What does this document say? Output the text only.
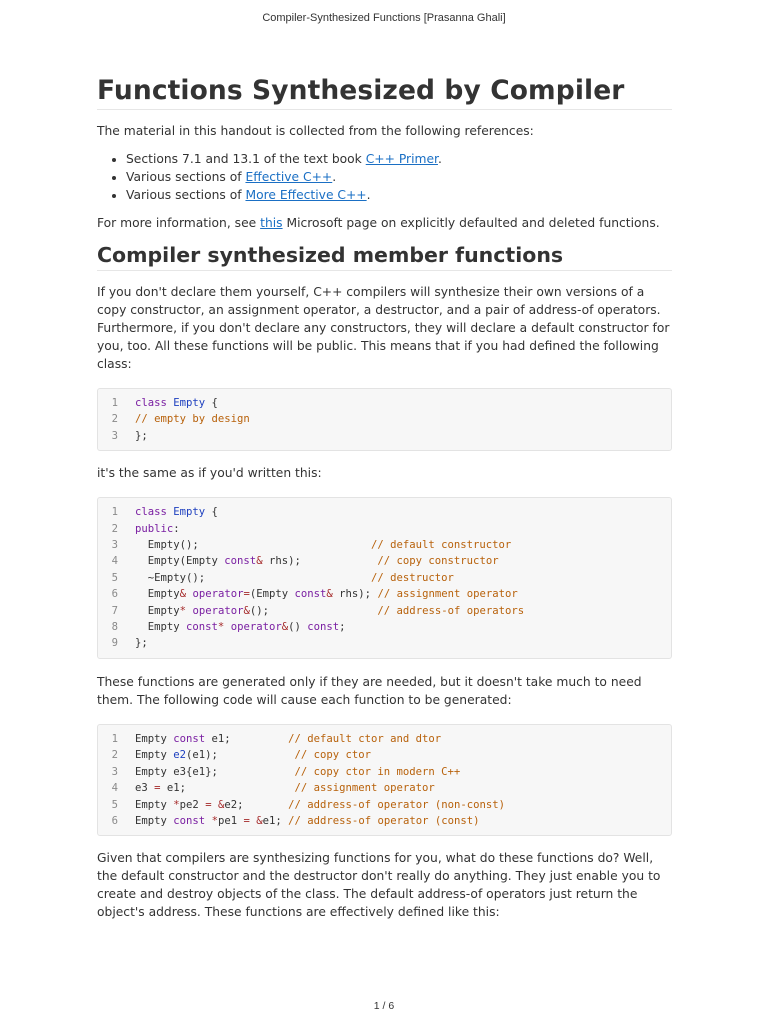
Compiler-Synthesized Functions [Prasanna Ghali]
Functions Synthesized by Compiler

The material in this handout is collected from the following references:

• Sections 7.1 and 13.1 of the text book C++ Primer.
• Various sections of Effective C++.
• Various sections of More Effective C++.

For more information, see this Microsoft page on explicitly defaulted and deleted functions.

Compiler synthesized member functions

If you don't declare them yourself, C++ compilers will synthesize their own versions of a copy constructor, an assignment operator, a destructor, and a pair of address-of operators. Furthermore, if you don't declare any constructors, they will declare a default constructor for you, too. All these functions will be public. This means that if you had defined the following class:

1 class Empty {
2 // empty by design
3 };

it's the same as if you'd written this:

1 class Empty {
2 public:
3 Empty();                           // default constructor
4 Empty(Empty const& rhs);            // copy constructor
5 ~Empty();                          // destructor
6 Empty& operator=(Empty const& rhs); // assignment operator
7 Empty* operator&();                 // address-of operators
8 Empty const* operator&() const;
9 };

These functions are generated only if they are needed, but it doesn't take much to need them. The following code will cause each function to be generated:

1 Empty const e1;         // default ctor and dtor
2 Empty e2(e1);            // copy ctor
3 Empty e3{e1};            // copy ctor in modern C++
4 e3 = e1;                 // assignment operator
5 Empty *pe2 = &e2;       // address-of operator (non-const)
6 Empty const *pe1 = &e1; // address-of operator (const)

Given that compilers are synthesizing functions for you, what do these functions do? Well, the default constructor and the destructor don't really do anything. They just enable you to create and destroy objects of the class. The default address-of operators just return the object's address. These functions are effectively defined like this:

1 / 6
